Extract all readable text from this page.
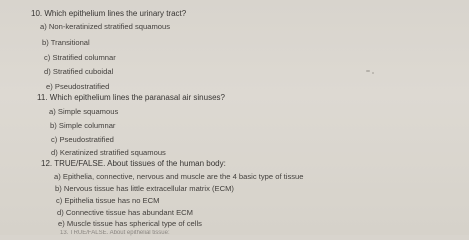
10. Which epithelium lines the urinary tract?
a) Non-keratinized stratified squamous
b) Transitional
c) Stratified columnar
d) Stratified cuboidal
e) Pseudostratified
11. Which epithelium lines the paranasal air sinuses?
a) Simple squamous
b) Simple columnar
c) Pseudostratified
d) Keratinized stratified squamous
12. TRUE/FALSE. About tissues of the human body:
a) Epithelia, connective, nervous and muscle are the 4 basic type of tissue
b) Nervous tissue has little extracellular matrix (ECM)
c) Epithelia tissue has no ECM
d) Connective tissue has abundant ECM
e) Muscle tissue has spherical type of cells
13. TRUE/FALSE. About epithelial tissue:
